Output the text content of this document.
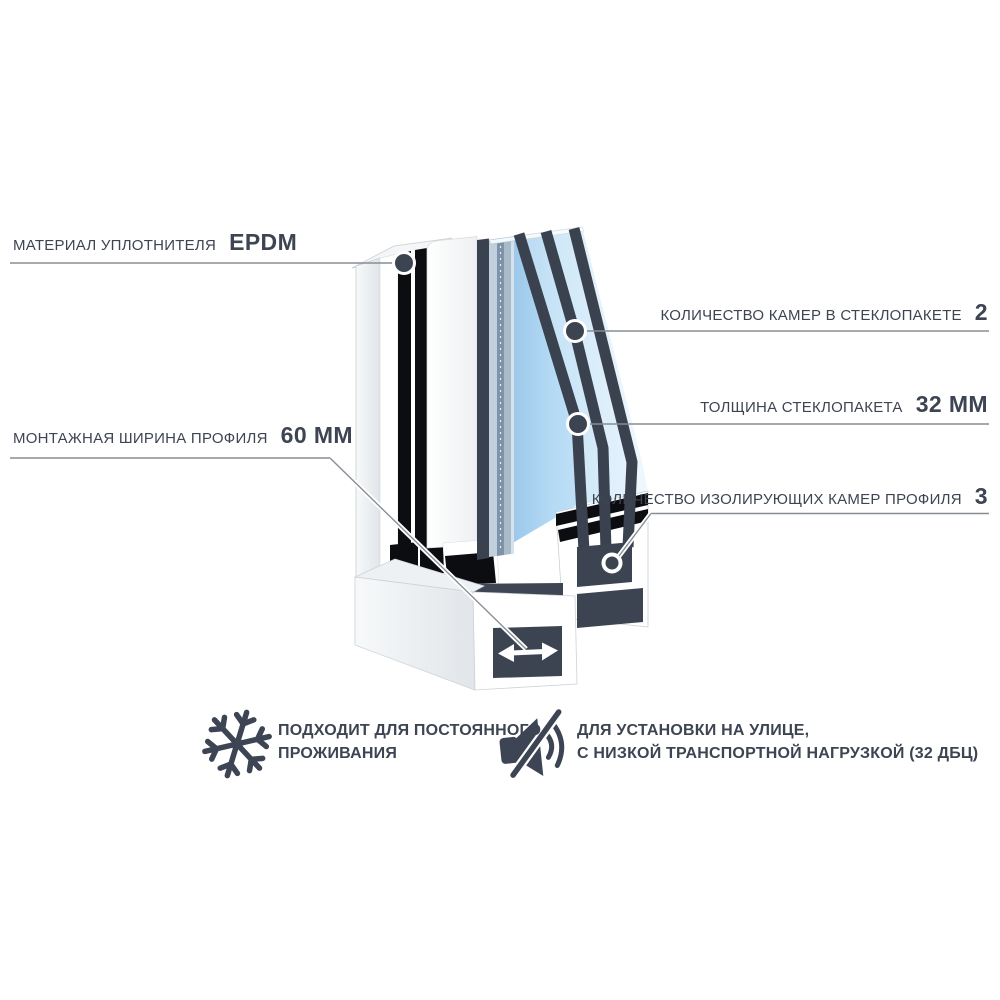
МАТЕРИАЛ УПЛОТНИТЕЛЯ EPDM
МОНТАЖНАЯ ШИРИНА ПРОФИЛЯ 60 ММ
КОЛИЧЕСТВО КАМЕР В СТЕКЛОПАКЕТЕ 2
ТОЛЩИНА СТЕКЛОПАКЕТА 32 ММ
КОЛИЧЕСТВО ИЗОЛИРУЮЩИХ КАМЕР ПРОФИЛЯ 3
ПОДХОДИТ ДЛЯ ПОСТОЯННОГО
ПРОЖИВАНИЯ
ДЛЯ УСТАНОВКИ НА УЛИЦЕ,
С НИЗКОЙ ТРАНСПОРТНОЙ НАГРУЗКОЙ (32 ДБЦ)
